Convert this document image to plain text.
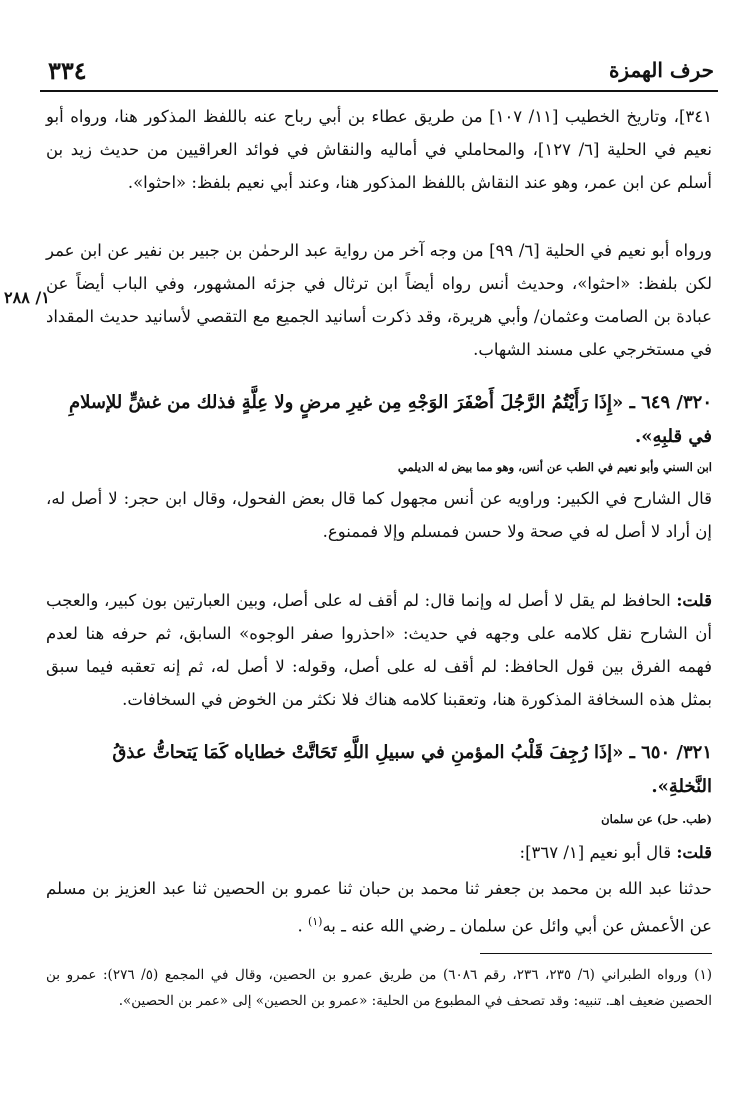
٣٣٤	حرف الهمزة
٣٤١]، وتاريخ الخطيب [١١/ ١٠٧] من طريق عطاء بن أبي رباح عنه باللفظ المذكور هنا، ورواه أبو نعيم في الحلية [٦/ ١٢٧]، والمحاملي في أماليه والنقاش في فوائد العراقيين من حديث زيد بن أسلم عن ابن عمر، وهو عند النقاش باللفظ المذكور هنا، وعند أبي نعيم بلفظ: «احثوا».
ورواه أبو نعيم في الحلية [٦/ ٩٩] من وجه آخر من رواية عبد الرحمٰن بن جبير بن نفير عن ابن عمر لكن بلفظ: «احثوا»، وحديث أنس رواه أيضاً ابن ترثال في جزئه المشهور، وفي الباب أيضاً عن عبادة بن الصامت وعثمان/ وأبي هريرة، وقد ذكرت أسانيد الجميع مع التقصي لأسانيد حديث المقداد في مستخرجي على مسند الشهاب.
١/ ٢٨٨
٣٢٠/ ٦٤٩ ـ «إِذَا رَأَيْتُمُ الرَّجُلَ أَصْفَرَ الوَجْهِ مِن غيرِ مرضٍ ولا عِلَّةٍ فذلك من غشٍّ للإسلامِ في قلبِهِ».
ابن السني وأبو نعيم في الطب عن أنس، وهو مما بيض له الديلمي
قال الشارح في الكبير: وراويه عن أنس مجهول كما قال بعض الفحول، وقال ابن حجر: لا أصل له، إن أراد لا أصل له في صحة ولا حسن فمسلم وإلا فممنوع.
قلت: الحافظ لم يقل لا أصل له وإنما قال: لم أقف له على أصل، وبين العبارتين بون كبير، والعجب أن الشارح نقل كلامه على وجهه في حديث: «احذروا صفر الوجوه» السابق، ثم حرفه هنا لعدم فهمه الفرق بين قول الحافظ: لم أقف له على أصل، وقوله: لا أصل له، ثم إنه تعقبه فيما سبق بمثل هذه السخافة المذكورة هنا، وتعقبنا كلامه هناك فلا نكثر من الخوض في السخافات.
٣٢١/ ٦٥٠ ـ «إذَا رُجِفَ قَلْبُ المؤمنِ في سبيلِ اللَّهِ تَحَاتَّتْ خطاياه كَمَا يَتحاتُّ عذقُ النَّخلةِ».
(طب. حل) عن سلمان
قلت: قال أبو نعيم [١/ ٣٦٧]:
حدثنا عبد الله بن محمد بن جعفر ثنا محمد بن حبان ثنا عمرو بن الحصين ثنا عبد العزيز بن مسلم عن الأعمش عن أبي وائل عن سلمان ـ رضي الله عنه ـ به$^{(١)}$ .
(١) ورواه الطبراني (٦/ ٢٣٥، ٢٣٦، رقم ٦٠٨٦) من طريق عمرو بن الحصين، وقال في المجمع (٥/ ٢٧٦): عمرو بن الحصين ضعيف اهـ. تنبيه: وقد تصحف في المطبوع من الحلية: «عمرو بن الحصين» إلى «عمر بن الحصين».
